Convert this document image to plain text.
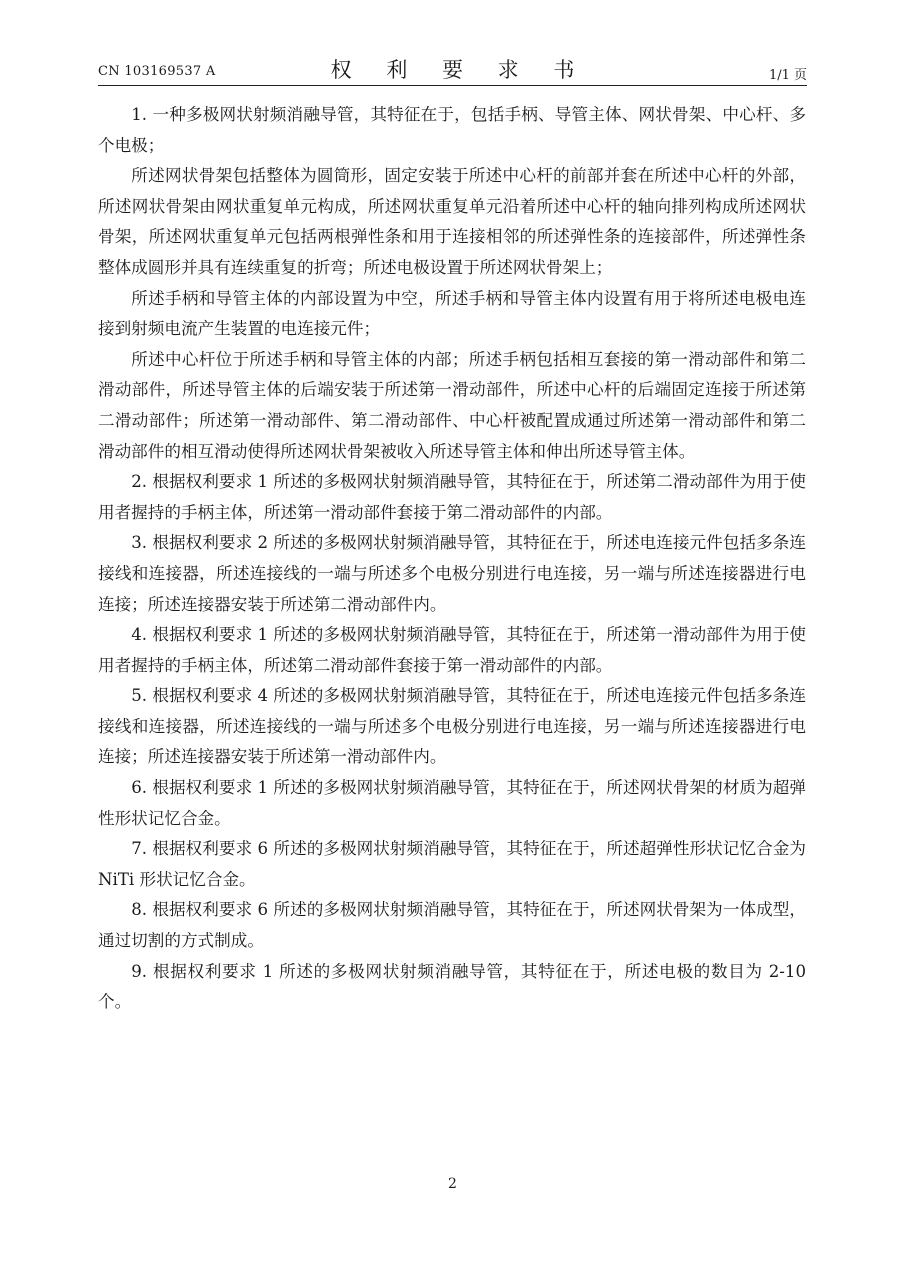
CN 103169537 A	权 利 要 求 书	1/1 页

1. 一种多极网状射频消融导管，其特征在于，包括手柄、导管主体、网状骨架、中心杆、多个电极；

所述网状骨架包括整体为圆筒形，固定安装于所述中心杆的前部并套在所述中心杆的外部，所述网状骨架由网状重复单元构成，所述网状重复单元沿着所述中心杆的轴向排列构成所述网状骨架，所述网状重复单元包括两根弹性条和用于连接相邻的所述弹性条的连接部件，所述弹性条整体成圆形并具有连续重复的折弯；所述电极设置于所述网状骨架上；

所述手柄和导管主体的内部设置为中空，所述手柄和导管主体内设置有用于将所述电极电连接到射频电流产生装置的电连接元件；

所述中心杆位于所述手柄和导管主体的内部；所述手柄包括相互套接的第一滑动部件和第二滑动部件，所述导管主体的后端安装于所述第一滑动部件，所述中心杆的后端固定连接于所述第二滑动部件；所述第一滑动部件、第二滑动部件、中心杆被配置成通过所述第一滑动部件和第二滑动部件的相互滑动使得所述网状骨架被收入所述导管主体和伸出所述导管主体。

2. 根据权利要求 1 所述的多极网状射频消融导管，其特征在于，所述第二滑动部件为用于使用者握持的手柄主体，所述第一滑动部件套接于第二滑动部件的内部。

3. 根据权利要求 2 所述的多极网状射频消融导管，其特征在于，所述电连接元件包括多条连接线和连接器，所述连接线的一端与所述多个电极分别进行电连接，另一端与所述连接器进行电连接；所述连接器安装于所述第二滑动部件内。

4. 根据权利要求 1 所述的多极网状射频消融导管，其特征在于，所述第一滑动部件为用于使用者握持的手柄主体，所述第二滑动部件套接于第一滑动部件的内部。

5. 根据权利要求 4 所述的多极网状射频消融导管，其特征在于，所述电连接元件包括多条连接线和连接器，所述连接线的一端与所述多个电极分别进行电连接，另一端与所述连接器进行电连接；所述连接器安装于所述第一滑动部件内。

6. 根据权利要求 1 所述的多极网状射频消融导管，其特征在于，所述网状骨架的材质为超弹性形状记忆合金。

7. 根据权利要求 6 所述的多极网状射频消融导管，其特征在于，所述超弹性形状记忆合金为 NiTi 形状记忆合金。

8. 根据权利要求 6 所述的多极网状射频消融导管，其特征在于，所述网状骨架为一体成型，通过切割的方式制成。

9. 根据权利要求 1 所述的多极网状射频消融导管，其特征在于，所述电极的数目为 2-10 个。

2
